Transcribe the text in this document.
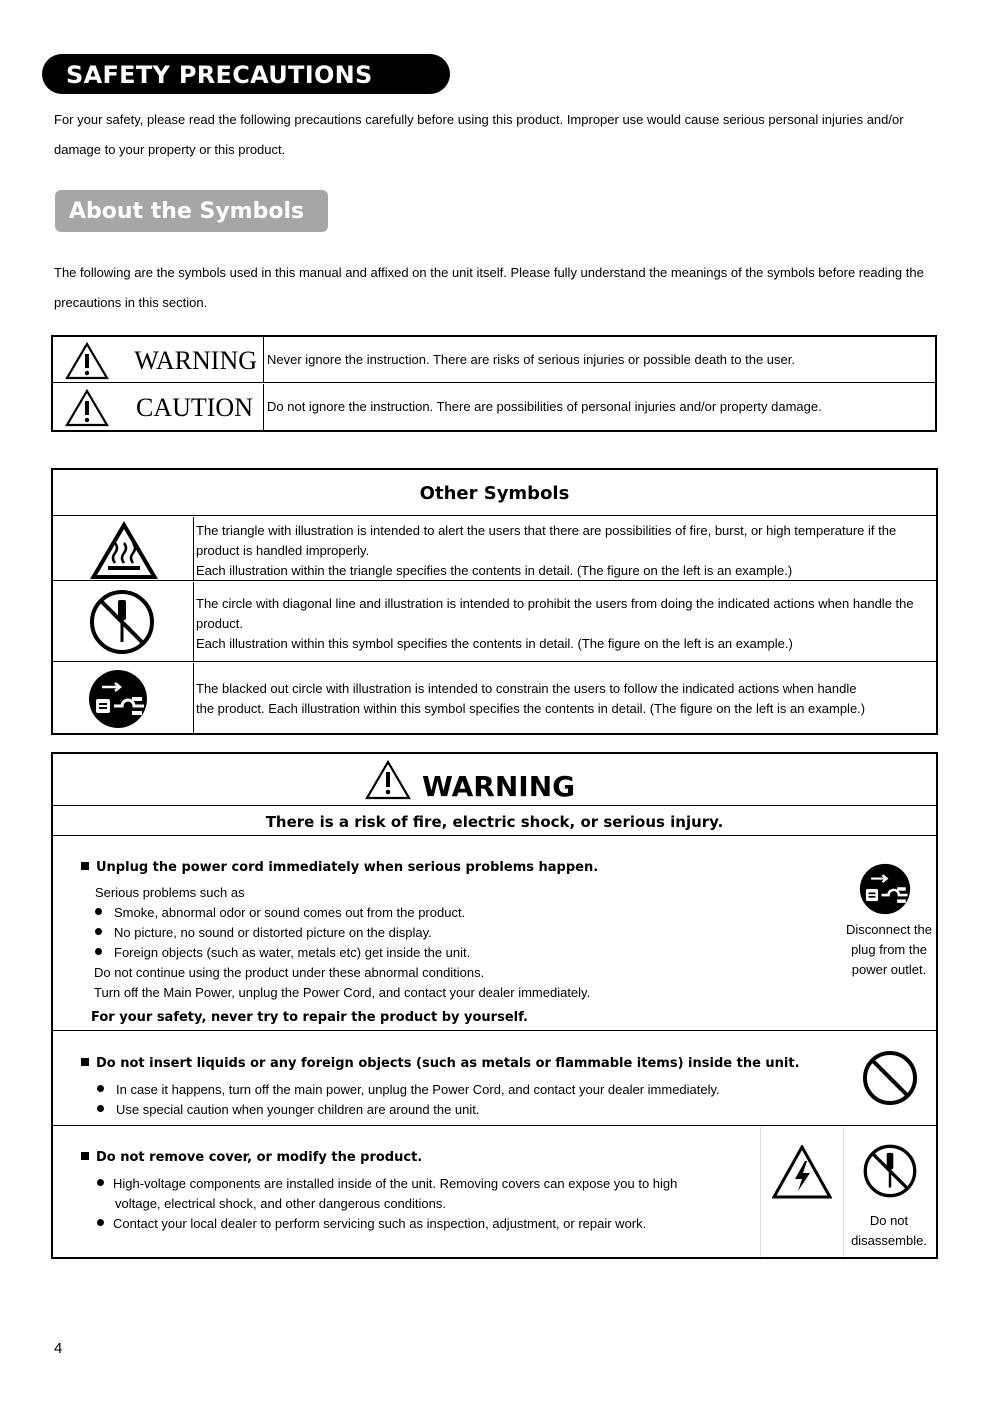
SAFETY PRECAUTIONS
For your safety, please read the following precautions carefully before using this product. Improper use would cause serious personal injuries and/or
damage to your property or this product.
About the Symbols
The following are the symbols used in this manual and affixed on the unit itself. Please fully understand the meanings of the symbols before reading the
precautions in this section.
WARNING Never ignore the instruction. There are risks of serious injuries or possible death to the user.
CAUTION Do not ignore the instruction. There are possibilities of personal injuries and/or property damage.
Other Symbols
The triangle with illustration is intended to alert the users that there are possibilities of fire, burst, or high temperature if the
product is handled improperly.
Each illustration within the triangle specifies the contents in detail. (The figure on the left is an example.)
The circle with diagonal line and illustration is intended to prohibit the users from doing the indicated actions when handle the
product.
Each illustration within this symbol specifies the contents in detail. (The figure on the left is an example.)
The blacked out circle with illustration is intended to constrain the users to follow the indicated actions when handle
the product. Each illustration within this symbol specifies the contents in detail. (The figure on the left is an example.)
WARNING
There is a risk of fire, electric shock, or serious injury.
Unplug the power cord immediately when serious problems happen.
Serious problems such as
Smoke, abnormal odor or sound comes out from the product.
No picture, no sound or distorted picture on the display.
Foreign objects (such as water, metals etc) get inside the unit.
Do not continue using the product under these abnormal conditions.
Turn off the Main Power, unplug the Power Cord, and contact your dealer immediately.
For your safety, never try to repair the product by yourself.
Disconnect the
plug from the
power outlet.
Do not insert liquids or any foreign objects (such as metals or flammable items) inside the unit.
In case it happens, turn off the main power, unplug the Power Cord, and contact your dealer immediately.
Use special caution when younger children are around the unit.
Do not remove cover, or modify the product.
High-voltage components are installed inside of the unit. Removing covers can expose you to high
voltage, electrical shock, and other dangerous conditions.
Contact your local dealer to perform servicing such as inspection, adjustment, or repair work.	Do not
disassemble.
4
